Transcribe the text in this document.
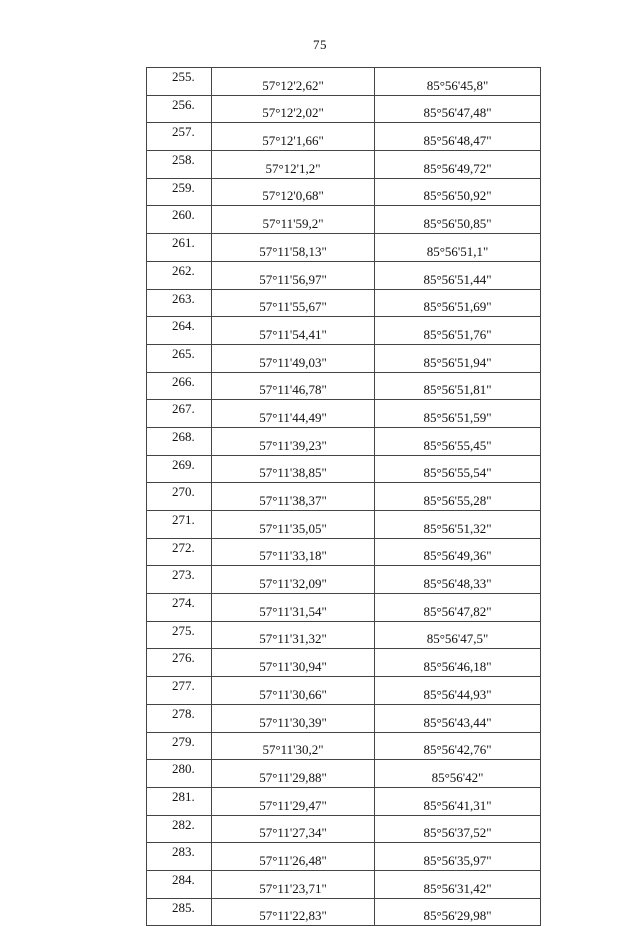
75
255.	57°12'2,62"	85°56'45,8"
256.	57°12'2,02"	85°56'47,48"
257.	57°12'1,66"	85°56'48,47"
258.	57°12'1,2"	85°56'49,72"
259.	57°12'0,68"	85°56'50,92"
260.	57°11'59,2"	85°56'50,85"
261.	57°11'58,13"	85°56'51,1"
262.	57°11'56,97"	85°56'51,44"
263.	57°11'55,67"	85°56'51,69"
264.	57°11'54,41"	85°56'51,76"
265.	57°11'49,03"	85°56'51,94"
266.	57°11'46,78"	85°56'51,81"
267.	57°11'44,49"	85°56'51,59"
268.	57°11'39,23"	85°56'55,45"
269.	57°11'38,85"	85°56'55,54"
270.	57°11'38,37"	85°56'55,28"
271.	57°11'35,05"	85°56'51,32"
272.	57°11'33,18"	85°56'49,36"
273.	57°11'32,09"	85°56'48,33"
274.	57°11'31,54"	85°56'47,82"
275.	57°11'31,32"	85°56'47,5"
276.	57°11'30,94"	85°56'46,18"
277.	57°11'30,66"	85°56'44,93"
278.	57°11'30,39"	85°56'43,44"
279.	57°11'30,2"	85°56'42,76"
280.	57°11'29,88"	85°56'42"
281.	57°11'29,47"	85°56'41,31"
282.	57°11'27,34"	85°56'37,52"
283.	57°11'26,48"	85°56'35,97"
284.	57°11'23,71"	85°56'31,42"
285.	57°11'22,83"	85°56'29,98"
